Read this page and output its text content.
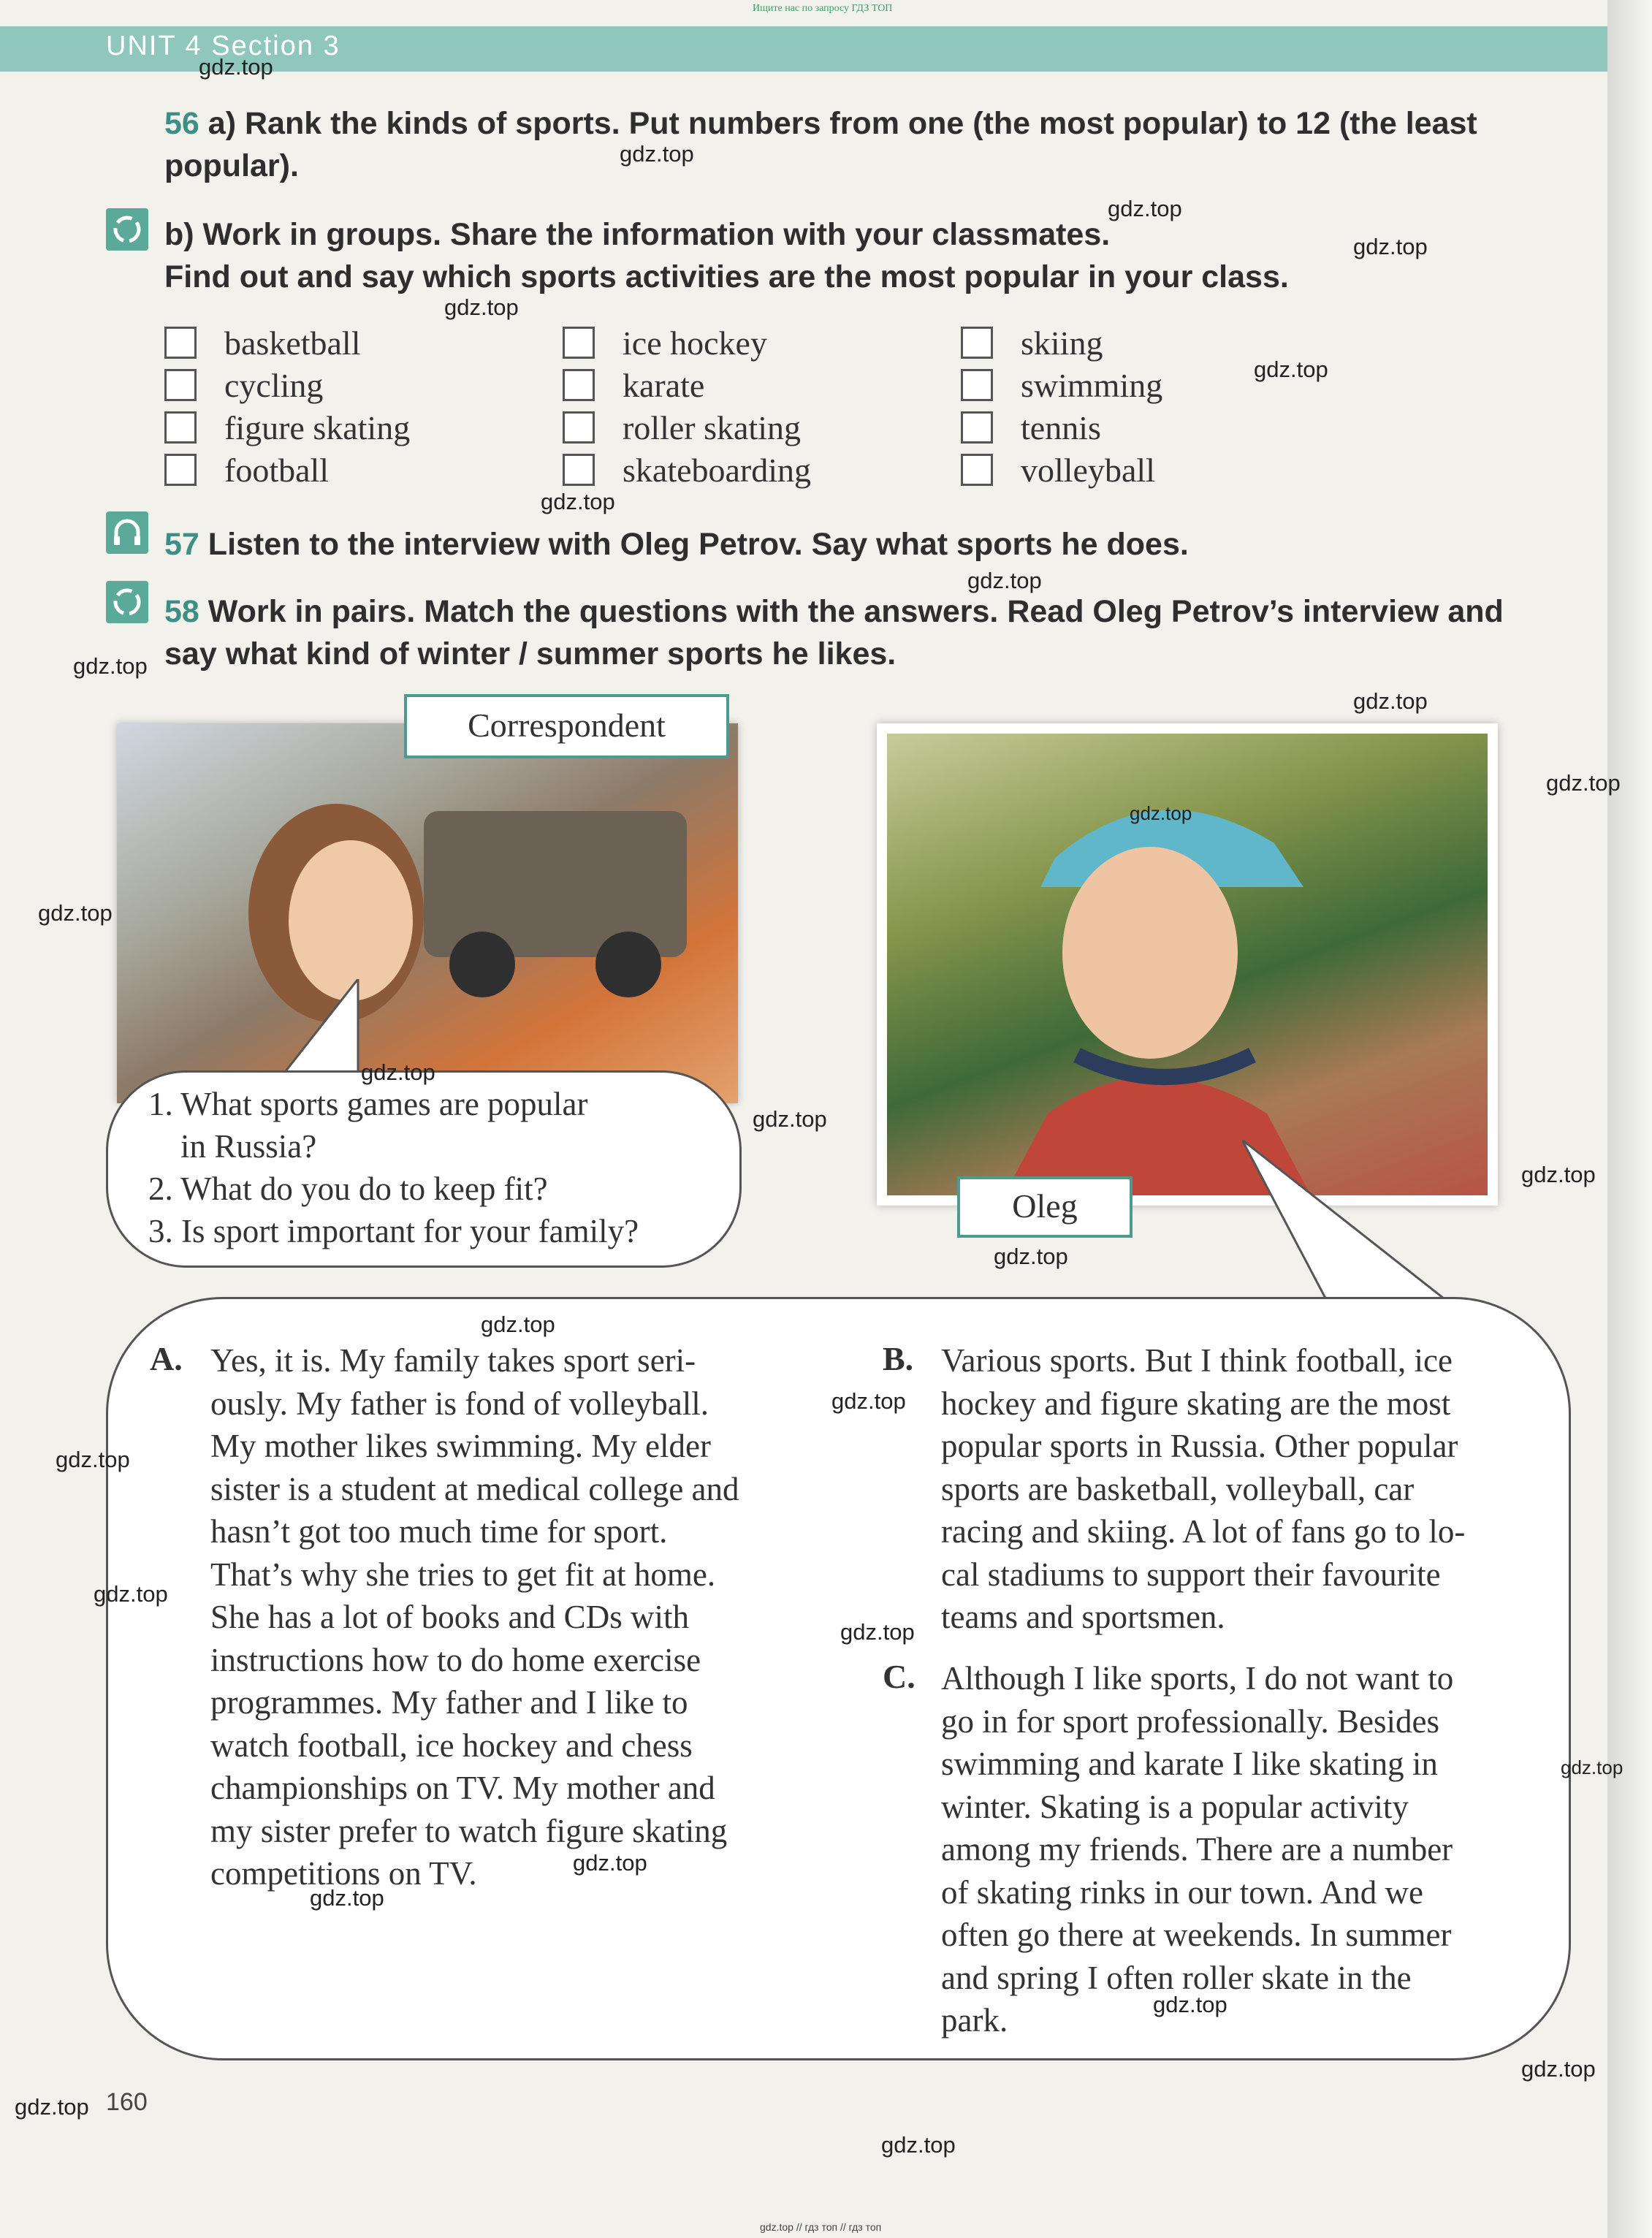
Ищите нас по запросу ГДЗ ТОП
UNIT 4 Section 3
56 a) Rank the kinds of sports. Put numbers from one (the most popular) to 12 (the least popular).
b) Work in groups. Share the information with your classmates.
Find out and say which sports activities are the most popular in your class.
basketball
cycling
figure skating
football
ice hockey
karate
roller skating
skateboarding
skiing
swimming
tennis
volleyball
57 Listen to the interview with Oleg Petrov. Say what sports he does.
58 Work in pairs. Match the questions with the answers. Read Oleg Petrov’s interview and say what kind of winter / summer sports he likes.
Correspondent
Oleg
1. What sports games are popular
in Russia?
2. What do you do to keep fit?
3. Is sport important for your family?
A. Yes, it is. My family takes sport seri-
ously. My father is fond of volleyball.
My mother likes swimming. My elder
sister is a student at medical college and
hasn’t got too much time for sport.
That’s why she tries to get fit at home.
She has a lot of books and CDs with
instructions how to do home exercise
programmes. My father and I like to
watch football, ice hockey and chess
championships on TV. My mother and
my sister prefer to watch figure skating
competitions on TV.
B. Various sports. But I think football, ice
hockey and figure skating are the most
popular sports in Russia. Other popular
sports are basketball, volleyball, car
racing and skiing. A lot of fans go to lo-
cal stadiums to support their favourite
teams and sportsmen.
C. Although I like sports, I do not want to
go in for sport professionally. Besides
swimming and karate I like skating in
winter. Skating is a popular activity
among my friends. There are a number
of skating rinks in our town. And we
often go there at weekends. In summer
and spring I often roller skate in the
park.
160
gdz.top // гдз топ // гдз топ
gdz.top
gdz.top
gdz.top
gdz.top
gdz.top
gdz.top
gdz.top
gdz.top
gdz.top
gdz.top
gdz.top
gdz.top
gdz.top
gdz.top
gdz.top
gdz.top
gdz.top
gdz.top
gdz.top
gdz.top
gdz.top
gdz.top
gdz.top
gdz.top
gdz.top
gdz.top
gdz.top
gdz.top
gdz.top
